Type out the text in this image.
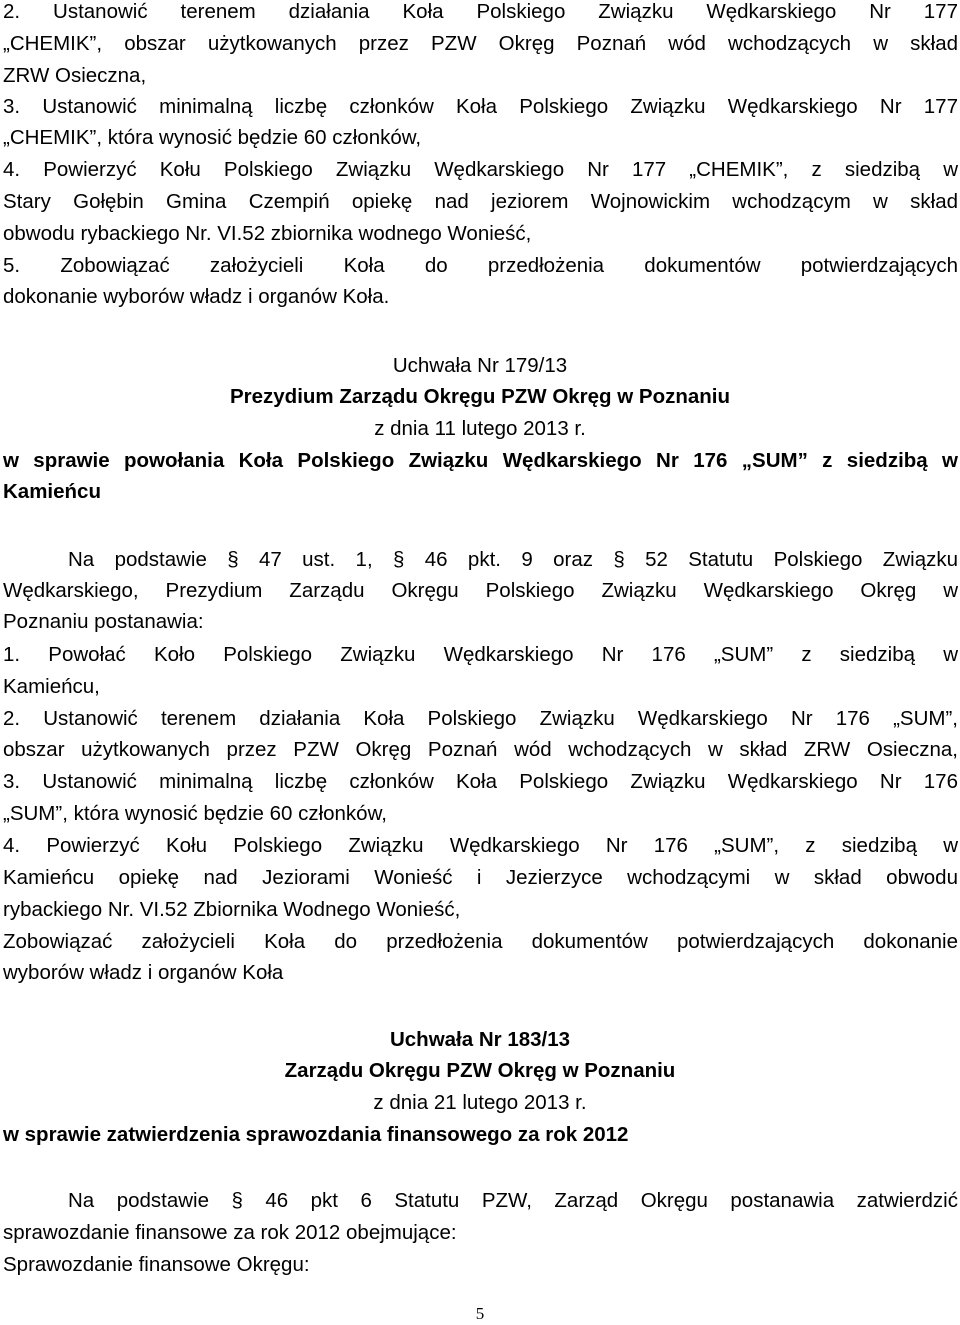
2. Ustanowić terenem działania Koła Polskiego Związku Wędkarskiego Nr 177
„CHEMIK”, obszar użytkowanych przez PZW Okręg Poznań wód wchodzących w skład
ZRW Osieczna,
3. Ustanowić minimalną liczbę członków Koła Polskiego Związku Wędkarskiego Nr 177
„CHEMIK”, która wynosić będzie 60 członków,
4. Powierzyć Kołu Polskiego Związku Wędkarskiego Nr 177 „CHEMIK”, z siedzibą w
Stary Gołębin Gmina Czempiń opiekę nad jeziorem Wojnowickim wchodzącym w skład
obwodu rybackiego Nr. VI.52 zbiornika wodnego Wonieść,
5. Zobowiązać założycieli Koła do przedłożenia dokumentów potwierdzających
dokonanie wyborów władz i organów Koła.
Uchwała Nr 179/13
Prezydium Zarządu Okręgu PZW Okręg w Poznaniu
z dnia 11 lutego 2013 r.
w sprawie powołania Koła Polskiego Związku Wędkarskiego Nr 176 „SUM” z siedzibą w
Kamieńcu
Na podstawie § 47 ust. 1, § 46 pkt. 9 oraz § 52 Statutu Polskiego Związku
Wędkarskiego, Prezydium Zarządu Okręgu Polskiego Związku Wędkarskiego Okręg w
Poznaniu postanawia:
1. Powołać Koło Polskiego Związku Wędkarskiego Nr 176 „SUM” z siedzibą w
Kamieńcu,
2. Ustanowić terenem działania Koła Polskiego Związku Wędkarskiego Nr 176 „SUM”,
obszar użytkowanych przez PZW Okręg Poznań wód wchodzących w skład ZRW Osieczna,
3. Ustanowić minimalną liczbę członków Koła Polskiego Związku Wędkarskiego Nr 176
„SUM”, która wynosić będzie 60 członków,
4. Powierzyć Kołu Polskiego Związku Wędkarskiego Nr 176 „SUM”, z siedzibą w
Kamieńcu opiekę nad Jeziorami Wonieść i Jezierzyce wchodzącymi w skład obwodu
rybackiego Nr. VI.52 Zbiornika Wodnego Wonieść,
Zobowiązać założycieli Koła do przedłożenia dokumentów potwierdzających dokonanie
wyborów władz i organów Koła
Uchwała Nr 183/13
Zarządu Okręgu PZW Okręg w Poznaniu
z dnia 21 lutego 2013 r.
w sprawie zatwierdzenia sprawozdania finansowego za rok 2012
Na podstawie § 46 pkt 6 Statutu PZW, Zarząd Okręgu postanawia zatwierdzić
sprawozdanie finansowe za rok 2012 obejmujące:
Sprawozdanie finansowe Okręgu:
5
